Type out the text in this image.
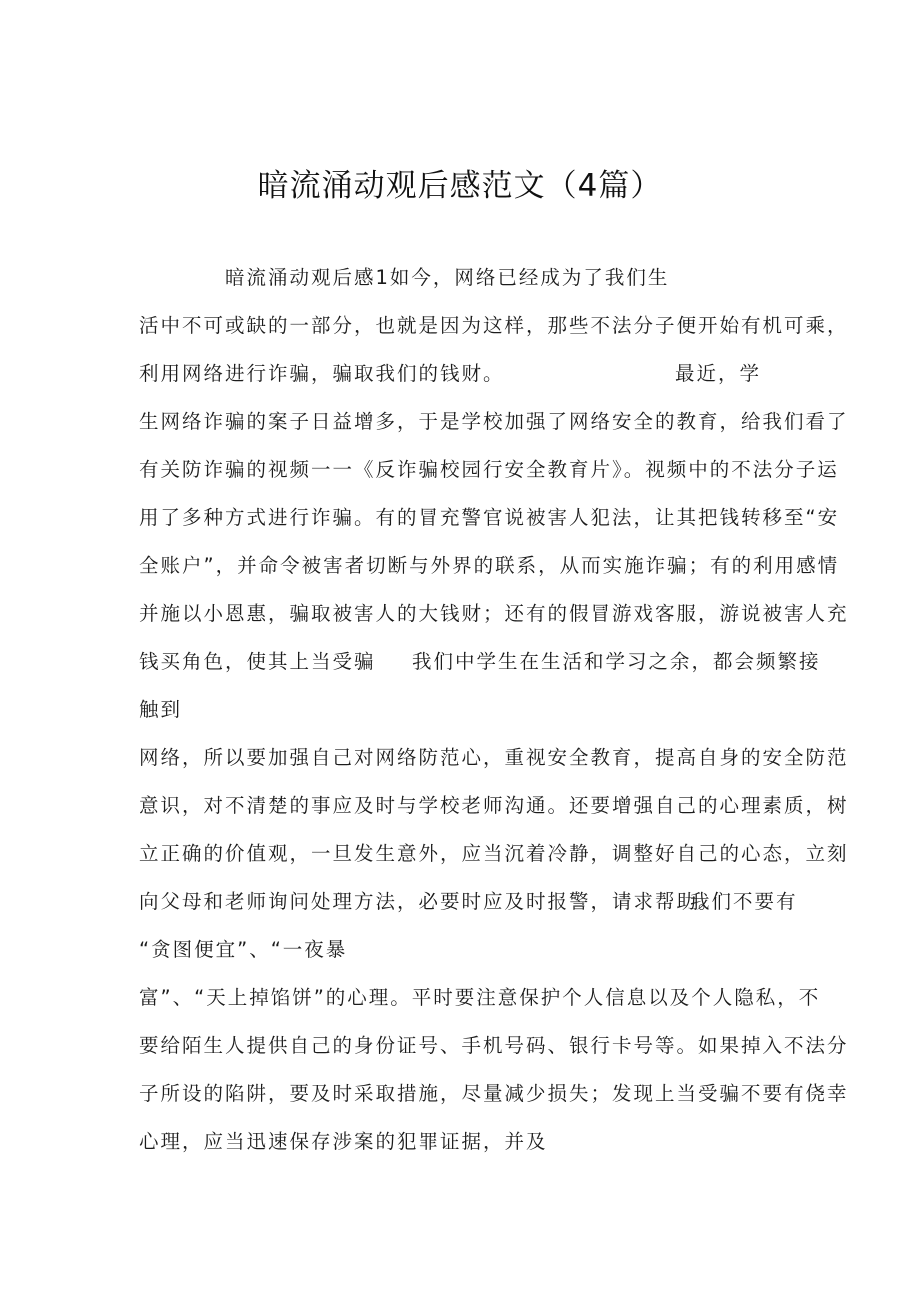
暗流涌动观后感范文（4篇）
暗流涌动观后感1如今，网络已经成为了我们生
活中不可或缺的一部分，也就是因为这样，那些不法分子便开始有机可乘，
利用网络进行诈骗，骗取我们的钱财。	最近，学
生网络诈骗的案子日益增多，于是学校加强了网络安全的教育，给我们看了
有关防诈骗的视频一一《反诈骗校园行安全教育片》。视频中的不法分子运
用了多种方式进行诈骗。有的冒充警官说被害人犯法，让其把钱转移至“安
全账户”，并命令被害者切断与外界的联系，从而实施诈骗；有的利用感情
并施以小恩惠，骗取被害人的大钱财；还有的假冒游戏客服，游说被害人充
钱买角色，使其上当受骗	我们中学生在生活和学习之余，都会频繁接
触到
网络，所以要加强自己对网络防范心，重视安全教育，提高自身的安全防范
意识，对不清楚的事应及时与学校老师沟通。还要增强自己的心理素质，树
立正确的价值观，一旦发生意外，应当沉着冷静，调整好自己的心态，立刻
向父母和老师询问处理方法，必要时应及时报警，请求帮助。
我们不要有
“贪图便宜”、“一夜暴
富”、“天上掉馅饼”的心理。平时要注意保护个人信息以及个人隐私，不
要给陌生人提供自己的身份证号、手机号码、银行卡号等。如果掉入不法分
子所设的陷阱，要及时采取措施，尽量减少损失；发现上当受骗不要有侥幸
心理，应当迅速保存涉案的犯罪证据，并及
